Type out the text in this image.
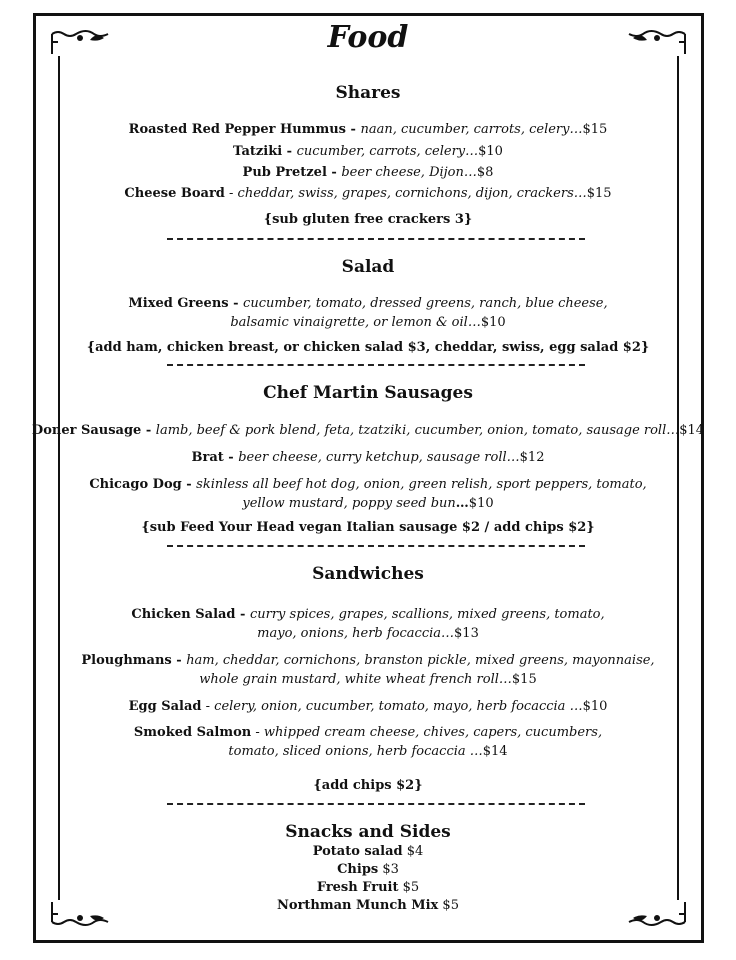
Food
Shares
Roasted Red Pepper Hummus - naan, cucumber, carrots, celery…$15
Tatziki - cucumber, carrots, celery…$10
Pub Pretzel - beer cheese, Dijon…$8
Cheese Board - cheddar, swiss, grapes, cornichons, dijon, crackers…$15
{sub gluten free crackers 3}
Salad
Mixed Greens - cucumber, tomato, dressed greens, ranch, blue cheese,
balsamic vinaigrette, or lemon & oil…$10
{add ham, chicken breast, or chicken salad $3, cheddar, swiss, egg salad $2}
Chef Martin Sausages
Doner Sausage - lamb, beef & pork blend, feta, tzatziki, cucumber, onion, tomato, sausage roll…$14
Brat - beer cheese, curry ketchup, sausage roll…$12
Chicago Dog - skinless all beef hot dog, onion, green relish, sport peppers, tomato,
yellow mustard, poppy seed bun…$10
{sub Feed Your Head vegan Italian sausage $2 / add chips $2}
Sandwiches
Chicken Salad - curry spices, grapes, scallions, mixed greens, tomato,
mayo, onions, herb focaccia…$13
Ploughmans - ham, cheddar, cornichons, branston pickle, mixed greens, mayonnaise,
whole grain mustard, white wheat french roll…$15
Egg Salad - celery, onion, cucumber, tomato, mayo, herb focaccia …$10
Smoked Salmon - whipped cream cheese, chives, capers, cucumbers,
tomato, sliced onions, herb focaccia …$14
{add chips $2}
Snacks and Sides
Potato salad $4
Chips $3
Fresh Fruit $5
Northman Munch Mix $5
